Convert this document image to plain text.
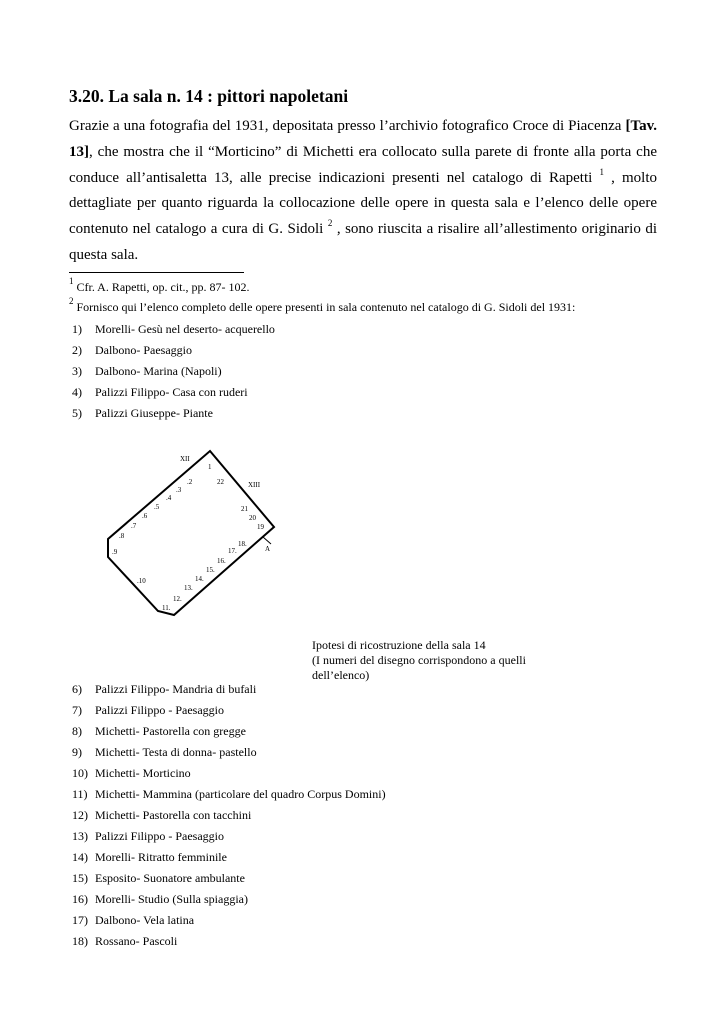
3.20. La sala n. 14 : pittori napoletani

Grazie a una fotografia del 1931, depositata presso l’archivio fotografico Croce di Piacenza [Tav. 13], che mostra che il “Morticino” di Michetti era collocato sulla parete di fronte alla porta che conduce all’antisaletta 13, alle precise indicazioni presenti nel catalogo di Rapetti $^1$ , molto dettagliate per quanto riguarda la collocazione delle opere in questa sala e l’elenco delle opere contenuto nel catalogo a cura di G. Sidoli $^2$ , sono riuscita a risalire all’allestimento originario di questa sala.

$^1$ Cfr. A. Rapetti, op. cit., pp. 87- 102.
$^2$ Fornisco qui l’elenco completo delle opere presenti in sala contenuto nel catalogo di G. Sidoli del 1931:
1) Morelli- Gesù nel deserto- acquerello
2) Dalbono- Paesaggio
3) Dalbono- Marina (Napoli)
4) Palizzi Filippo- Casa con ruderi
5) Palizzi Giuseppe- Piante
XII
XIII
A
1
.2
.3
.4
.5
.6
.7
.8
.9
.10
11.
12.
13.
14.
15.
16.
17.
18.
19
20
21
22
Ipotesi di ricostruzione della sala 14
(I numeri del disegno corrispondono a quelli
dell’elenco)
6) Palizzi Filippo- Mandria di bufali
7) Palizzi Filippo - Paesaggio
8) Michetti- Pastorella con gregge
9) Michetti- Testa di donna- pastello
10) Michetti- Morticino
11) Michetti- Mammina (particolare del quadro Corpus Domini)
12) Michetti- Pastorella con tacchini
13) Palizzi Filippo - Paesaggio
14) Morelli- Ritratto femminile
15) Esposito- Suonatore ambulante
16) Morelli- Studio (Sulla spiaggia)
17) Dalbono- Vela latina
18) Rossano- Pascoli
